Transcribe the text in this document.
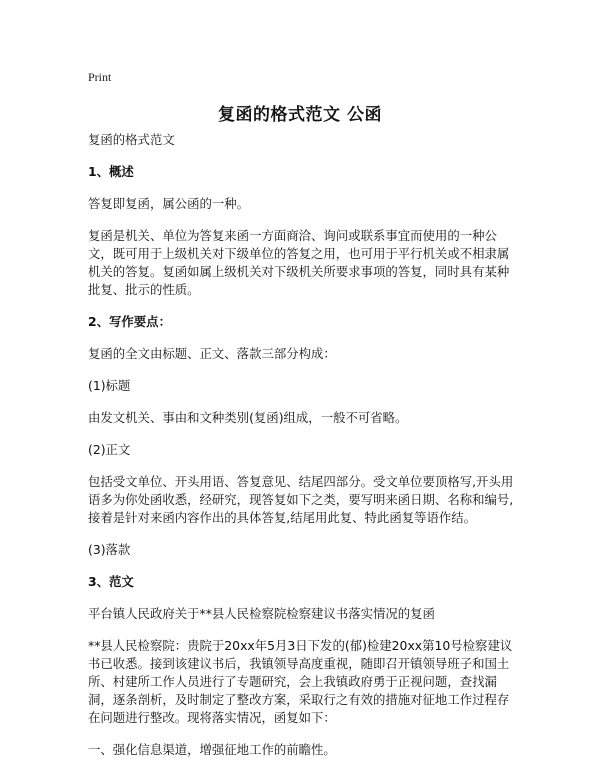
Print
复函的格式范文 公函

复函的格式范文

1、概述

答复即复函，属公函的一种。

复函是机关、单位为答复来函一方面商洽、询问或联系事宜而使用的一种公文，既可用于上级机关对下级单位的答复之用，也可用于平行机关或不相隶属机关的答复。复函如属上级机关对下级机关所要求事项的答复，同时具有某种批复、批示的性质。

2、写作要点：

复函的全文由标题、正文、落款三部分构成：

(1)标题

由发文机关、事由和文种类别(复函)组成，一般不可省略。

(2)正文

包括受文单位、开头用语、答复意见、结尾四部分。受文单位要顶格写,开头用语多为你处函收悉，经研究，现答复如下之类，要写明来函日期、名称和编号,接着是针对来函内容作出的具体答复,结尾用此复、特此函复等语作结。

(3)落款

3、范文

平台镇人民政府关于**县人民检察院检察建议书落实情况的复函

**县人民检察院：贵院于20xx年5月3日下发的(郁)检建20xx第10号检察建议书已收悉。接到该建议书后，我镇领导高度重视，随即召开镇领导班子和国土所、村建所工作人员进行了专题研究，会上我镇政府勇于正视问题，查找漏洞，逐条剖析，及时制定了整改方案，采取行之有效的措施对征地工作过程存在问题进行整改。现将落实情况，函复如下：

一、强化信息渠道，增强征地工作的前瞻性。
